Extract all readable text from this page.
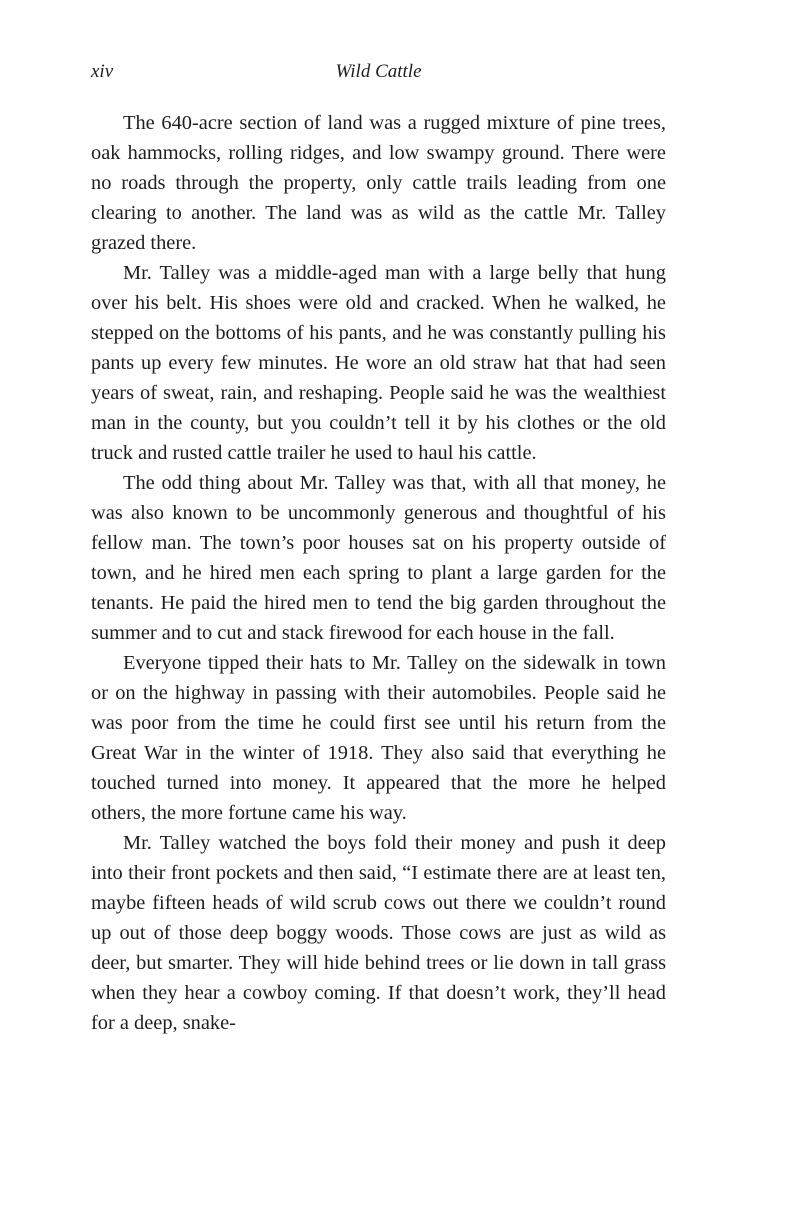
xiv	Wild Cattle

The 640-acre section of land was a rugged mixture of pine trees, oak hammocks, rolling ridges, and low swampy ground. There were no roads through the property, only cattle trails leading from one clearing to another. The land was as wild as the cattle Mr. Talley grazed there.

Mr. Talley was a middle-aged man with a large belly that hung over his belt. His shoes were old and cracked. When he walked, he stepped on the bottoms of his pants, and he was constantly pulling his pants up every few minutes. He wore an old straw hat that had seen years of sweat, rain, and reshaping. People said he was the wealthiest man in the county, but you couldn’t tell it by his clothes or the old truck and rusted cattle trailer he used to haul his cattle.

The odd thing about Mr. Talley was that, with all that money, he was also known to be uncommonly generous and thoughtful of his fellow man. The town’s poor houses sat on his property outside of town, and he hired men each spring to plant a large garden for the tenants. He paid the hired men to tend the big garden throughout the summer and to cut and stack firewood for each house in the fall.

Everyone tipped their hats to Mr. Talley on the sidewalk in town or on the highway in passing with their automobiles. People said he was poor from the time he could first see until his return from the Great War in the winter of 1918. They also said that everything he touched turned into money. It appeared that the more he helped others, the more fortune came his way.

Mr. Talley watched the boys fold their money and push it deep into their front pockets and then said, “I estimate there are at least ten, maybe fifteen heads of wild scrub cows out there we couldn’t round up out of those deep boggy woods. Those cows are just as wild as deer, but smarter. They will hide behind trees or lie down in tall grass when they hear a cowboy coming. If that doesn’t work, they’ll head for a deep, snake-
